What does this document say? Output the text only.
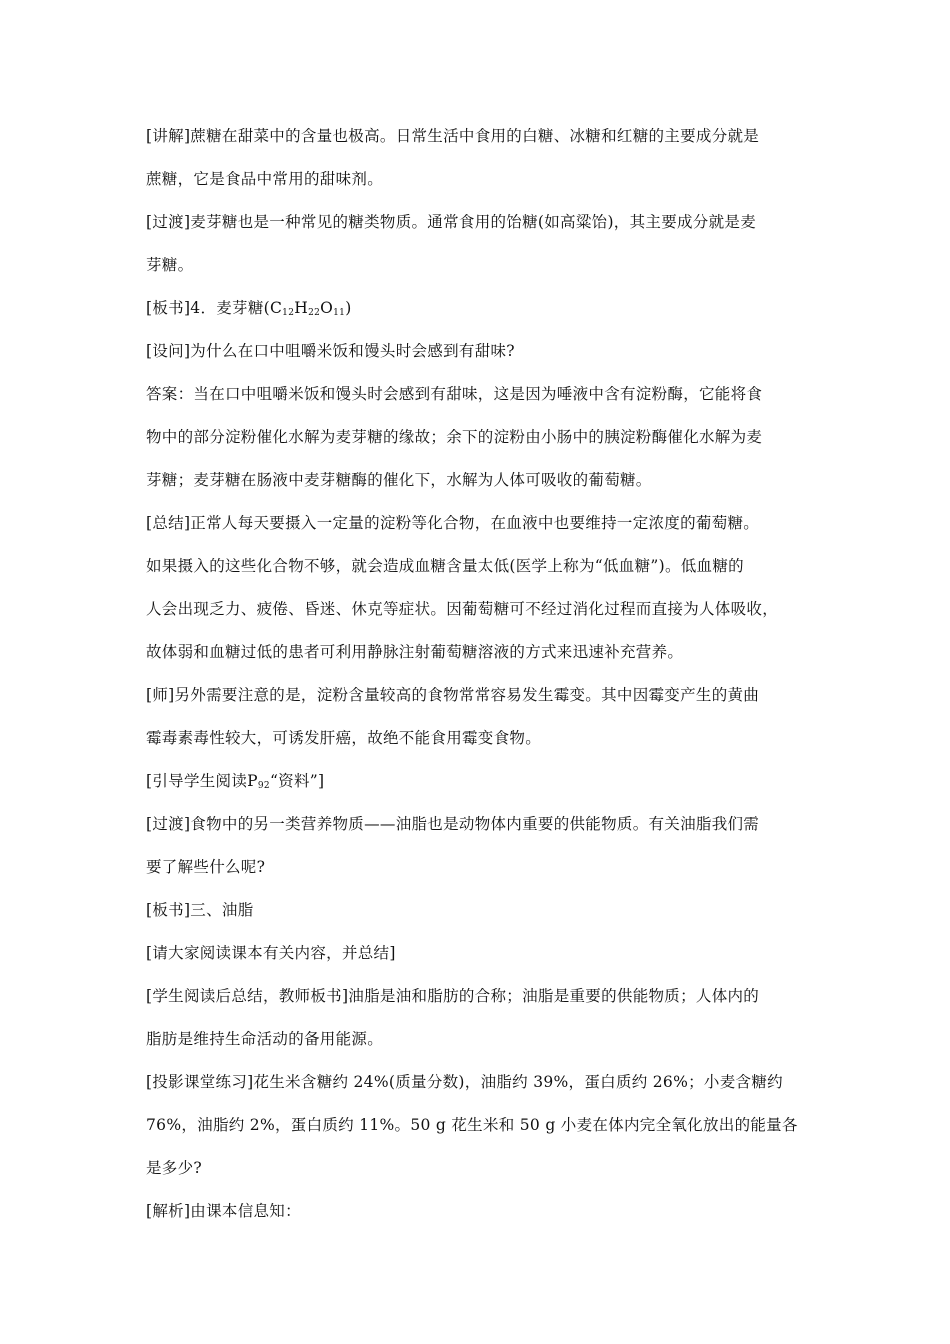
[讲解]蔗糖在甜菜中的含量也极高。日常生活中食用的白糖、冰糖和红糖的主要成分就是
蔗糖，它是食品中常用的甜味剂。

[过渡]麦芽糖也是一种常见的糖类物质。通常食用的饴糖(如高粱饴)，其主要成分就是麦
芽糖。

[板书]4．麦芽糖$(C_{12}H_{22}O_{11})$

[设问]为什么在口中咀嚼米饭和馒头时会感到有甜味?

答案：当在口中咀嚼米饭和馒头时会感到有甜味，这是因为唾液中含有淀粉酶，它能将食
物中的部分淀粉催化水解为麦芽糖的缘故；余下的淀粉由小肠中的胰淀粉酶催化水解为麦
芽糖；麦芽糖在肠液中麦芽糖酶的催化下，水解为人体可吸收的葡萄糖。

[总结]正常人每天要摄入一定量的淀粉等化合物，在血液中也要维持一定浓度的葡萄糖。
如果摄入的这些化合物不够，就会造成血糖含量太低(医学上称为“低血糖”)。低血糖的
人会出现乏力、疲倦、昏迷、休克等症状。因葡萄糖可不经过消化过程而直接为人体吸收，
故体弱和血糖过低的患者可利用静脉注射葡萄糖溶液的方式来迅速补充营养。

[师]另外需要注意的是，淀粉含量较高的食物常常容易发生霉变。其中因霉变产生的黄曲
霉毒素毒性较大，可诱发肝癌，故绝不能食用霉变食物。

[引导学生阅读$P_{92}“$资料”]

[过渡]食物中的另一类营养物质——油脂也是动物体内重要的供能物质。有关油脂我们需
要了解些什么呢?

[板书]三、油脂

[请大家阅读课本有关内容，并总结]

[学生阅读后总结，教师板书]油脂是油和脂肪的合称；油脂是重要的供能物质；人体内的
脂肪是维持生命活动的备用能源。

[投影课堂练习]花生米含糖约 24%(质量分数)，油脂约 39%，蛋白质约 26%；小麦含糖约
76%，油脂约 2%，蛋白质约 11%。50 g 花生米和 50 g 小麦在体内完全氧化放出的能量各
是多少?

[解析]由课本信息知：
